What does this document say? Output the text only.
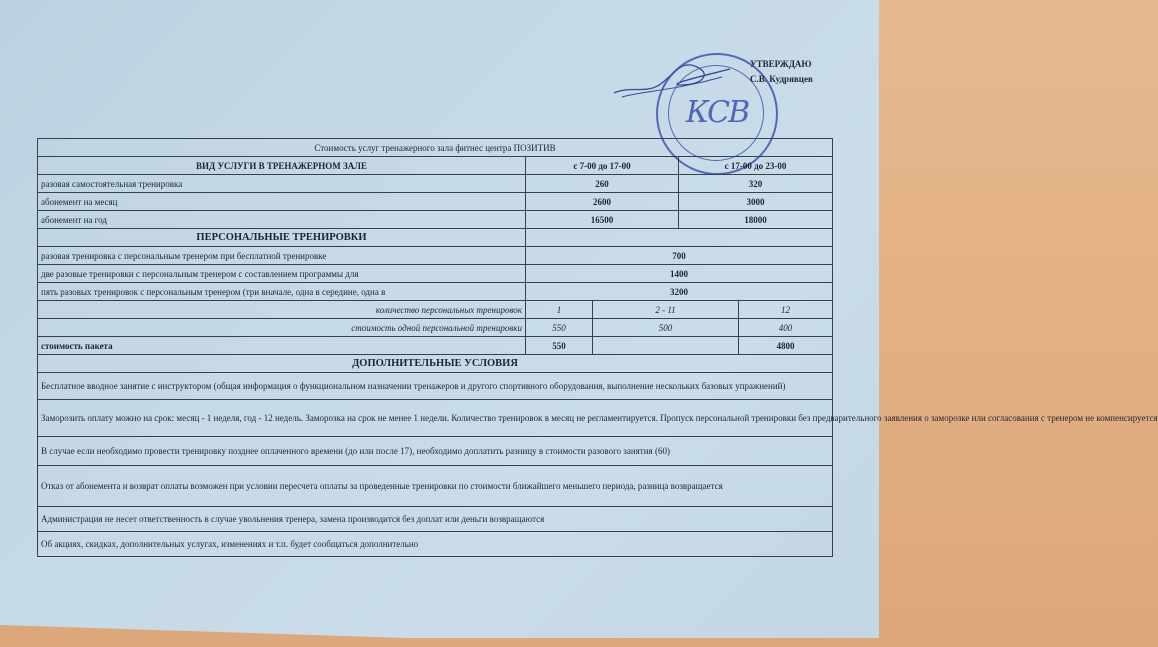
КСВ
УТВЕРЖДАЮ
С.В. Кудрявцев
Стоимость услуг тренажерного зала фитнес центра ПОЗИТИВ				
ВИД УСЛУГИ В ТРЕНАЖЕРНОМ ЗАЛЕ	с 7-00 до 17-00		с 17-00 до 23-00	
разовая самостоятельная тренировка	260		320	
абонемент на месяц	2600		3000	
абонемент на год	16500		18000	
ПЕРСОНАЛЬНЫЕ ТРЕНИРОВКИ				
разовая тренировка с персональным тренером при бесплатной тренировке	700			
две разовые тренировки с персональным тренером с составлением программы для	1400			
пять разовых тренировок с персональным тренером (три вначале, одна в середине, одна в	3200			
количество персональных тренировок	1	2 - 11		12
стоимость одной персональной тренировки	550	500		400
стоимость пакета	550			4800
ДОПОЛНИТЕЛЬНЫЕ УСЛОВИЯ				
Бесплатное вводное занятие с инструктором (общая информация о функциональном назначении тренажеров и другого спортивного оборудования, выполнение нескольких базовых упражнений)				
Заморозить оплату можно на срок: месяц - 1 неделя, год - 12 недель. Заморозка на срок не менее 1 недели. Количество тренировок в месяц не регламентируется. Пропуск персональной тренировки без предварительного заявления о заморозке или согласования с тренером не компенсируется				
В случае если необходимо провести тренировку позднее оплаченного времени (до или после 17), необходимо доплатить разницу в стоимости разового занятия (60)				
Отказ от абонемента и возврат оплаты возможен при условии пересчета оплаты за проведенные тренировки по стоимости ближайшего меньшего периода, разница возвращается				
Администрация не несет ответственность в случае увольнения тренера, замена производится без доплат или деньги возвращаются				
Об акциях, скидках, дополнительных услугах, изменениях и т.п. будет сообщаться дополнительно				
